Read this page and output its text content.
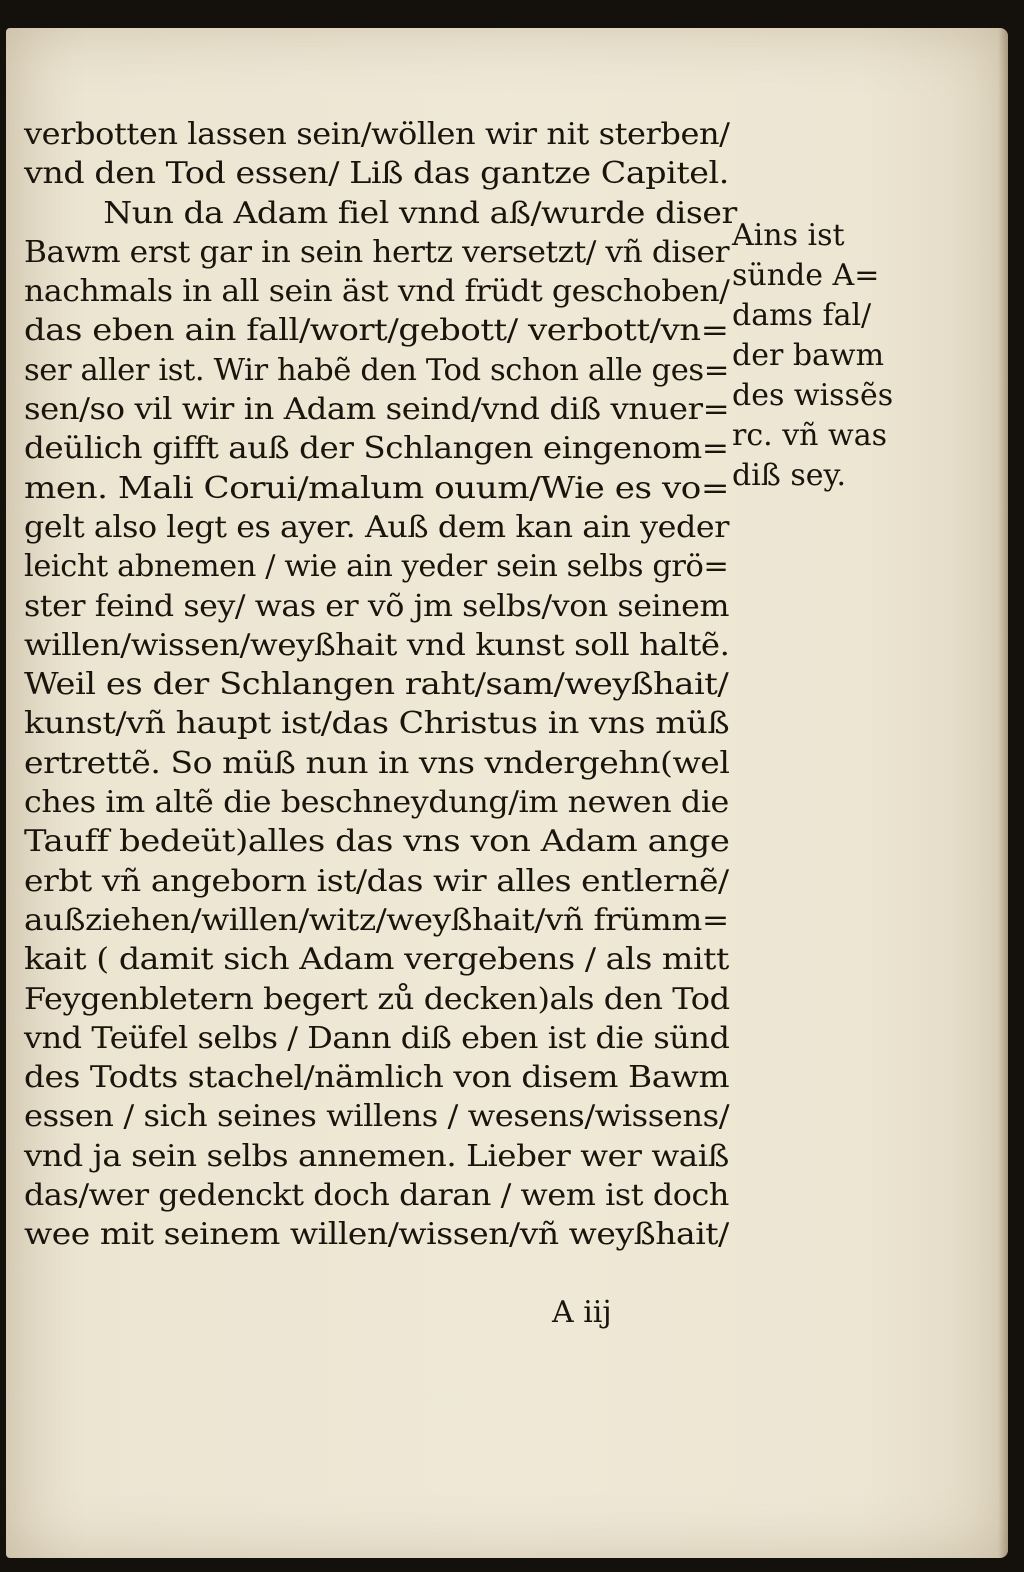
verbotten lassen sein/wöllen wir nit sterben/
vnd den Tod essen/ Liß das gantze Capitel.
Nun da Adam fiel vnnd aß/wurde diser
Bawm erst gar in sein hertz versetzt/ vñ diser
nachmals in all sein äst vnd früdt geschoben/
das eben ain fall/wort/gebott/ verbott/vn=
ser aller ist. Wir habẽ den Tod schon alle ges=
sen/so vil wir in Adam seind/vnd diß vnuer=
deülich gifft auß der Schlangen eingenom=
men. Mali Corui/malum ouum/Wie es vo=
gelt also legt es ayer. Auß dem kan ain yeder
leicht abnemen / wie ain yeder sein selbs grö=
ster feind sey/ was er võ jm selbs/von seinem
willen/wissen/weyßhait vnd kunst soll haltẽ.
Weil es der Schlangen raht/sam/weyßhait/
kunst/vñ haupt ist/das Christus in vns müß
ertrettẽ. So müß nun in vns vndergehn(wel
ches im altẽ die beschneydung/im newen die
Tauff bedeüt)alles das vns von Adam ange
erbt vñ angeborn ist/das wir alles entlernẽ/
außziehen/willen/witz/weyßhait/vñ frümm=
kait ( damit sich Adam vergebens / als mitt
Feygenbletern begert zů decken)als den Tod
vnd Teüfel selbs / Dann diß eben ist die sünd
des Todts stachel/nämlich von disem Bawm
essen / sich seines willens / wesens/wissens/
vnd ja sein selbs annemen. Lieber wer waiß
das/wer gedenckt doch daran / wem ist doch
wee mit seinem willen/wissen/vñ weyßhait/
Ains ist
sünde A=
dams fal/
der bawm
des wissẽs
rc. vñ was
diß sey.
A iij
